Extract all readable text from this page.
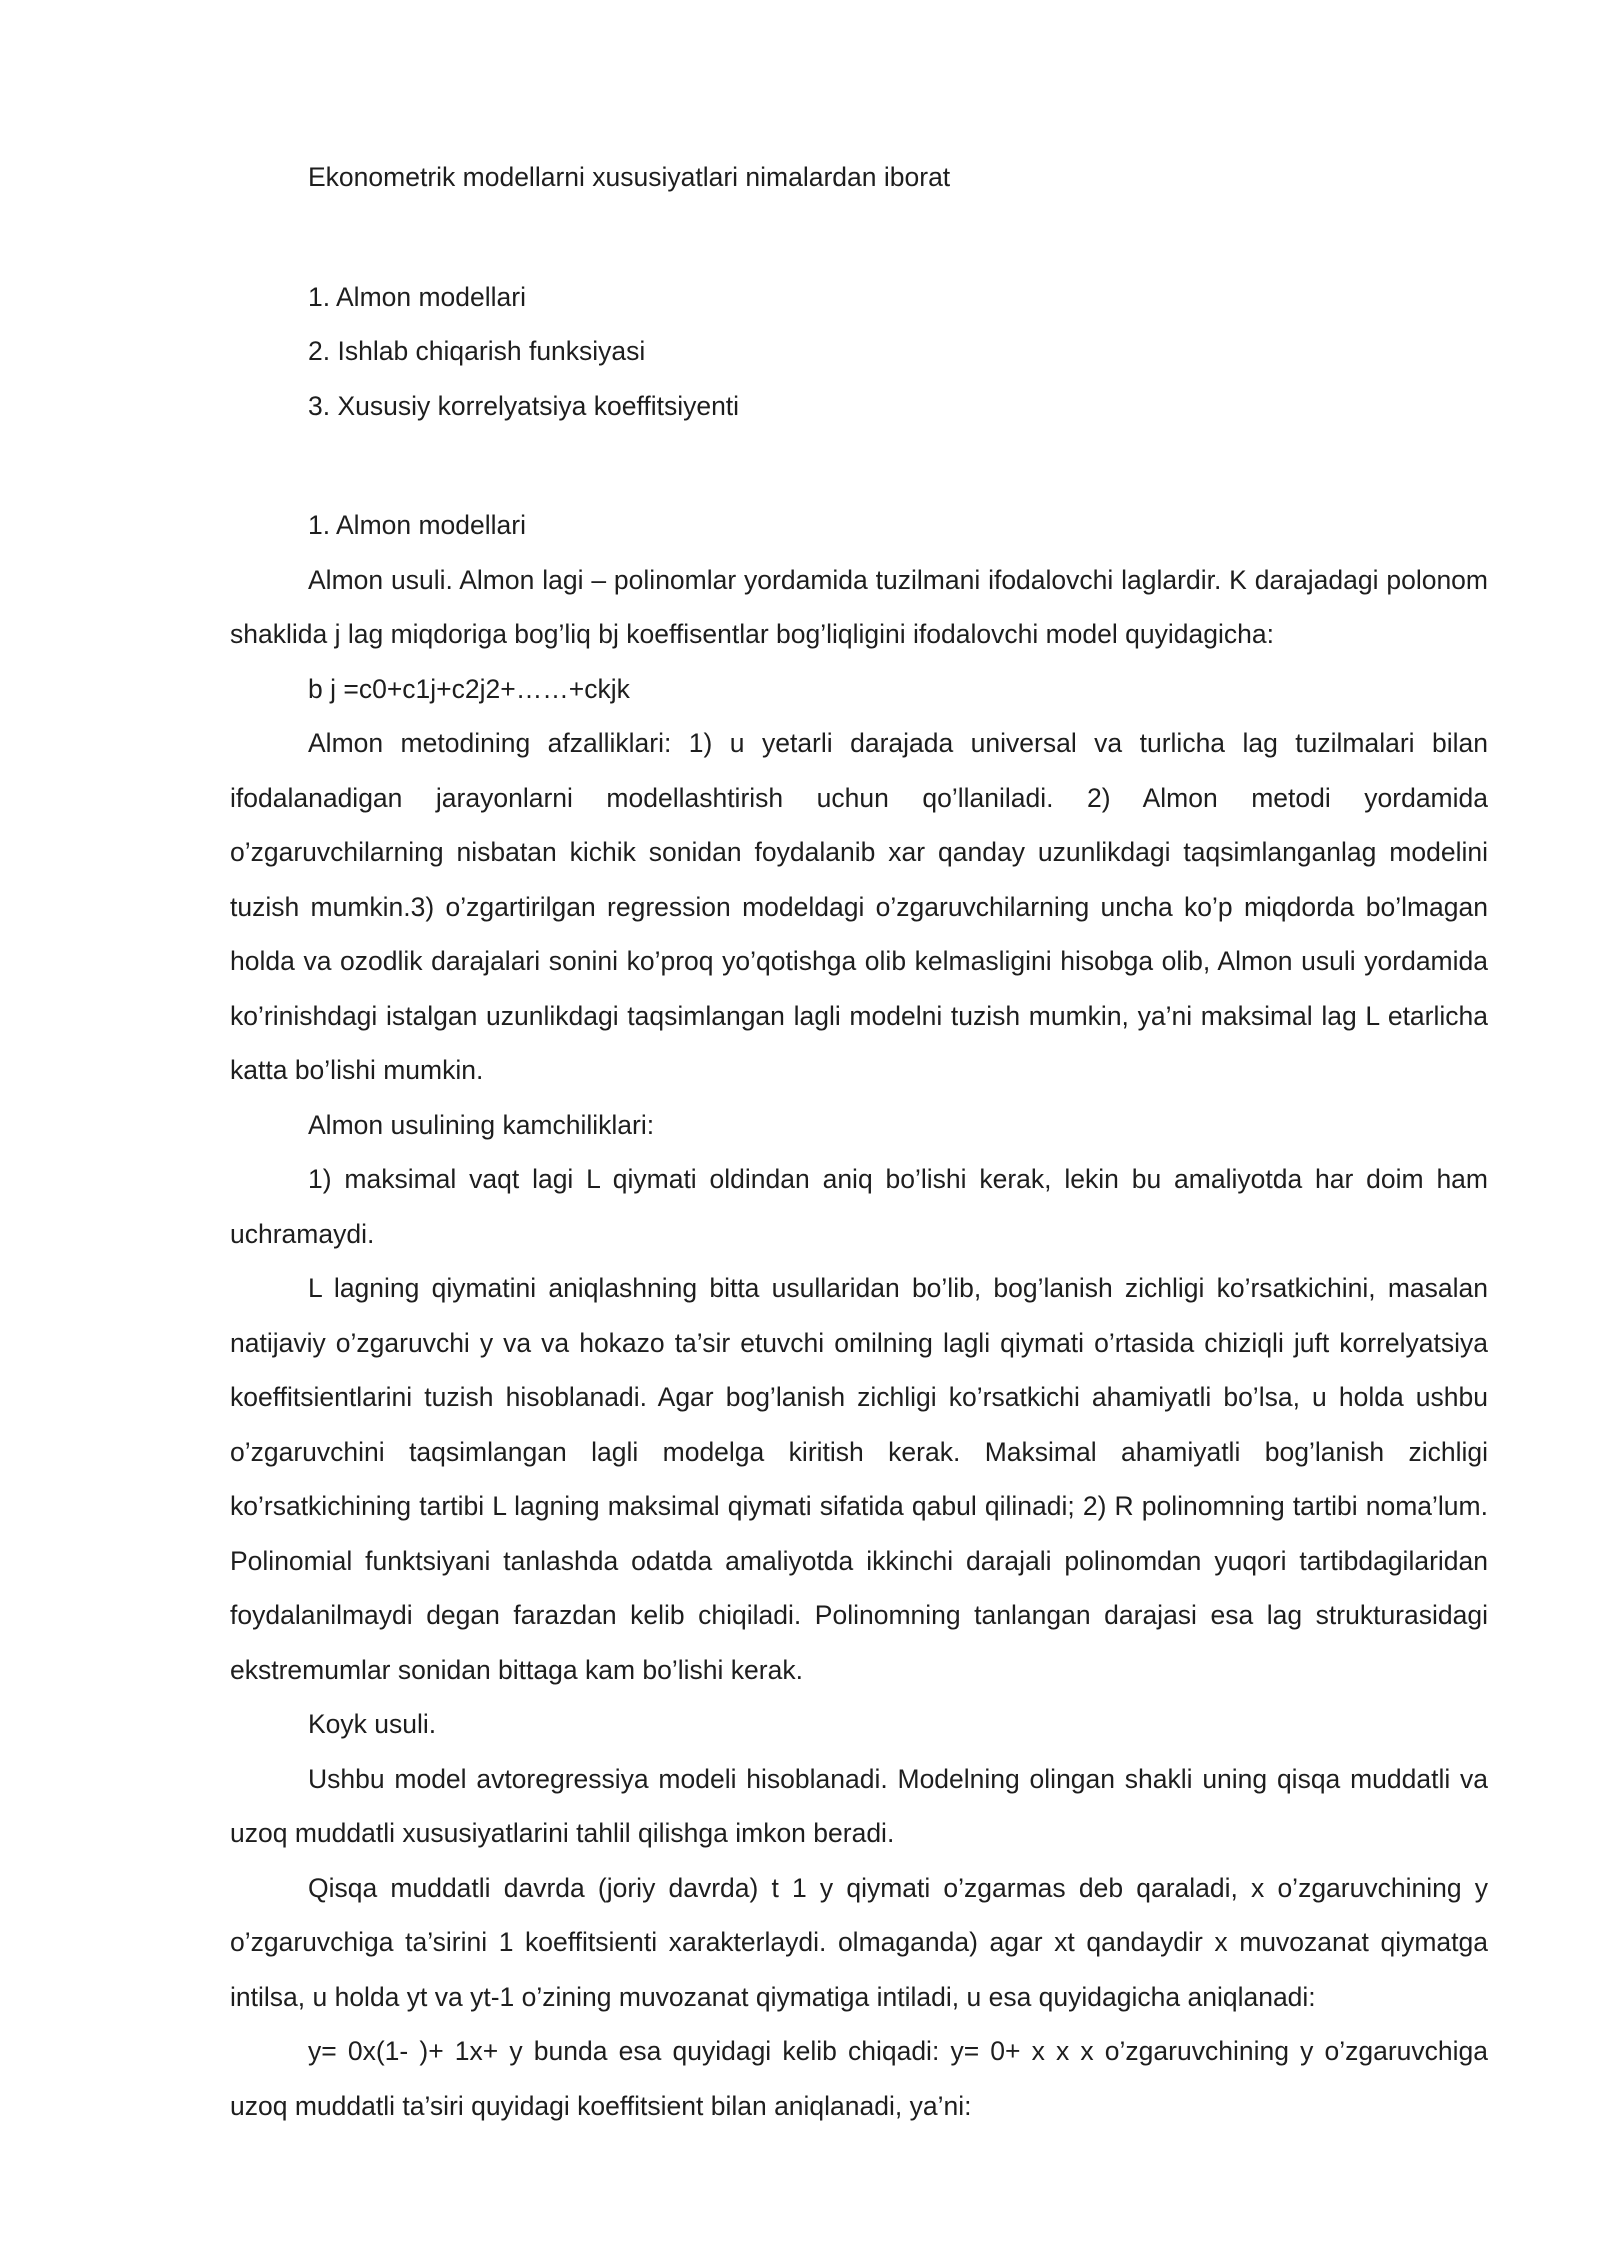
Ekonometrik modellarni xususiyatlari nimalardan iborat
1. Almon modellari
2. Ishlab chiqarish funksiyasi
3. Xususiy korrelyatsiya koeffitsiyenti

1. Almon modellari

Almon usuli. Almon lagi – polinomlar yordamida tuzilmani ifodalovchi laglardir. K darajadagi polonom shaklida j lag miqdoriga bog’liq bj koeffisentlar bog’liqligini ifodalovchi model quyidagicha:

b j =c0+c1j+c2j2+……+ckjk

Almon metodining afzalliklari: 1) u yetarli darajada universal va turlicha lag tuzilmalari bilan ifodalanadigan jarayonlarni modellashtirish uchun qo’llaniladi. 2) Almon metodi yordamida o’zgaruvchilarning nisbatan kichik sonidan foydalanib xar qanday uzunlikdagi taqsimlanganlag modelini tuzish mumkin.3) o’zgartirilgan regression modeldagi o’zgaruvchilarning uncha ko’p miqdorda bo’lmagan holda va ozodlik darajalari sonini ko’proq yo’qotishga olib kelmasligini hisobga olib, Almon usuli yordamida ko’rinishdagi istalgan uzunlikdagi taqsimlangan lagli modelni tuzish mumkin, ya’ni maksimal lag L etarlicha katta bo’lishi mumkin.

Almon usulining kamchiliklari:

1) maksimal vaqt lagi L qiymati oldindan aniq bo’lishi kerak, lekin bu amaliyotda har doim ham uchramaydi.

L lagning qiymatini aniqlashning bitta usullaridan bo’lib, bog’lanish zichligi ko’rsatkichini, masalan natijaviy o’zgaruvchi y va va hokazo ta’sir etuvchi omilning lagli qiymati o’rtasida chiziqli juft korrelyatsiya koeffitsientlarini tuzish hisoblanadi. Agar bog’lanish zichligi ko’rsatkichi ahamiyatli bo’lsa, u holda ushbu o’zgaruvchini taqsimlangan lagli modelga kiritish kerak. Maksimal ahamiyatli bog’lanish zichligi ko’rsatkichining tartibi L lagning maksimal qiymati sifatida qabul qilinadi; 2) R polinomning tartibi noma’lum. Polinomial funktsiyani tanlashda odatda amaliyotda ikkinchi darajali polinomdan yuqori tartibdagilaridan foydalanilmaydi degan farazdan kelib chiqiladi. Polinomning tanlangan darajasi esa lag strukturasidagi ekstremumlar sonidan bittaga kam bo’lishi kerak.

Koyk usuli.

Ushbu model avtoregressiya modeli hisoblanadi. Modelning olingan shakli uning qisqa muddatli va uzoq muddatli xususiyatlarini tahlil qilishga imkon beradi.

Qisqa muddatli davrda (joriy davrda) t 1 y qiymati o’zgarmas deb qaraladi, x o’zgaruvchining y o’zgaruvchiga ta’sirini 1 koeffitsienti xarakterlaydi. olmaganda) agar xt qandaydir x muvozanat qiymatga intilsa, u holda yt va yt-1 o’zining muvozanat qiymatiga intiladi, u esa quyidagicha aniqlanadi:

y= 0x(1- )+ 1x+ y bunda esa quyidagi kelib chiqadi: y= 0+ x x x o’zgaruvchining y o’zgaruvchiga uzoq muddatli ta’siri quyidagi koeffitsient bilan aniqlanadi, ya’ni:
